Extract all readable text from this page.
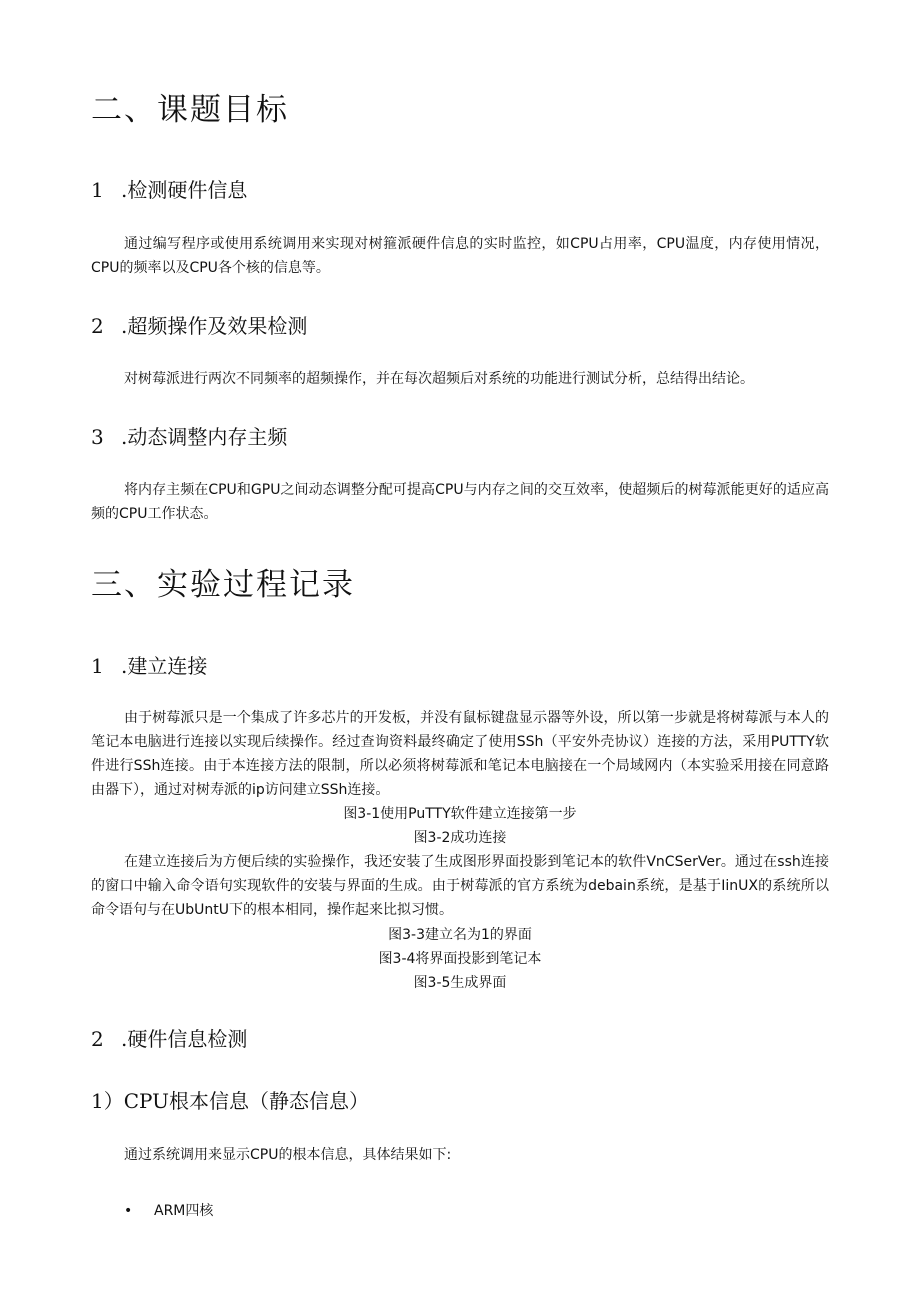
二、课题目标
1 .检测硬件信息

通过编写程序或使用系统调用来实现对树箍派硬件信息的实时监控，如CPU占用率，CPU温度，内存使用情况，CPU的频率以及CPU各个核的信息等。

2 .超频操作及效果检测

对树莓派进行两次不同频率的超频操作，并在每次超频后对系统的功能进行测试分析，总结得出结论。

3 .动态调整内存主频

将内存主频在CPU和GPU之间动态调整分配可提高CPU与内存之间的交互效率，使超频后的树莓派能更好的适应高频的CPU工作状态。

三、实验过程记录
1 .建立连接

由于树莓派只是一个集成了许多芯片的开发板，并没有鼠标键盘显示器等外设，所以第一步就是将树莓派与本人的笔记本电脑进行连接以实现后续操作。经过查询资料最终确定了使用SSh（平安外壳协议）连接的方法，采用PUTTY软件进行SSh连接。由于本连接方法的限制，所以必须将树莓派和笔记本电脑接在一个局域网内（本实验采用接在同意路由器下），通过对树寿派的ip访问建立SSh连接。

图3-1使用PuTTY软件建立连接第一步

图3-2成功连接

在建立连接后为方便后续的实验操作，我还安装了生成图形界面投影到笔记本的软件VnCSerVer。通过在ssh连接的窗口中输入命令语句实现软件的安装与界面的生成。由于树莓派的官方系统为debain系统，是基于IinUX的系统所以命令语句与在UbUntU下的根本相同，操作起来比拟习惯。

图3-3建立名为1的界面

图3-4将界面投影到笔记本

图3-5生成界面

2 .硬件信息检测
1）CPU根本信息（静态信息）

通过系统调用来显示CPU的根本信息，具体结果如下:

• ARM四核
